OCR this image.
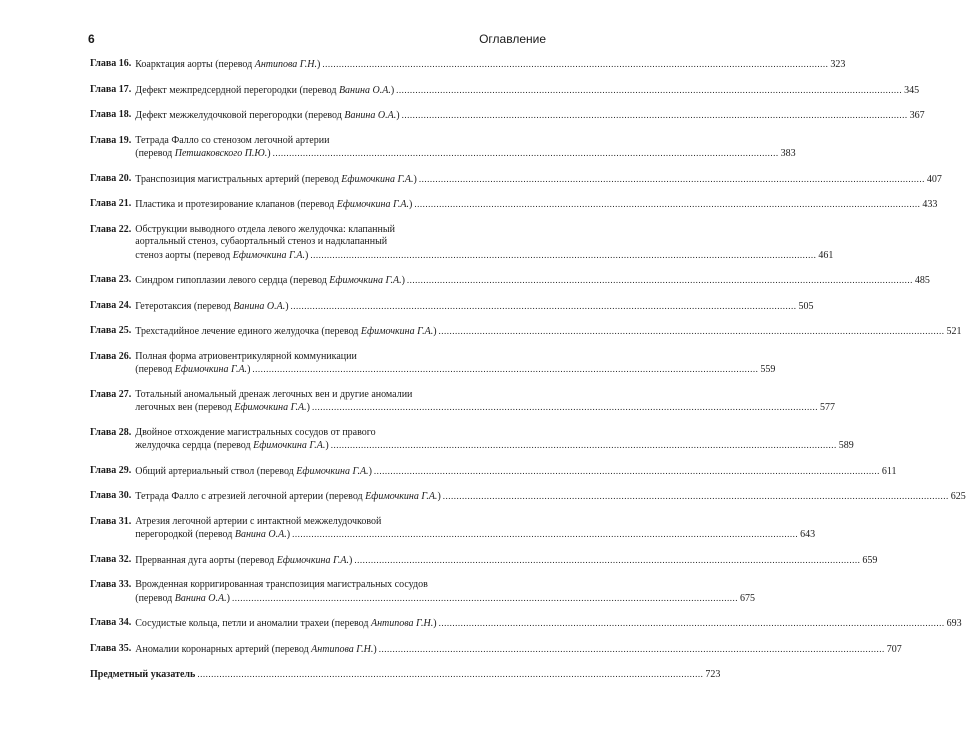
6	Оглавление
Глава 16. Коарктация аорты (перевод Антипова Г.Н.) .....	323
Глава 17. Дефект межпредсердной перегородки (перевод Ванина О.А.) .....	345
Глава 18. Дефект межжелудочковой перегородки (перевод Ванина О.А.) .....	367
Глава 19. Тетрада Фалло со стенозом легочной артерии
(перевод Петшаковского П.Ю.) .....	383
Глава 20. Транспозиция магистральных артерий (перевод Ефимочкина Г.А.) .....	407
Глава 21. Пластика и протезирование клапанов (перевод Ефимочкина Г.А.) .....	433
Глава 22. Обструкции выводного отдела левого желудочка: клапанный
аортальный стеноз, субаортальный стеноз и надклапанный
стеноз аорты (перевод Ефимочкина Г.А.) .....	461
Глава 23. Синдром гипоплазии левого сердца (перевод Ефимочкина Г.А.) .....	485
Глава 24. Гетеротаксия (перевод Ванина О.А.) .....	505
Глава 25. Трехстадийное лечение единого желудочка (перевод Ефимочкина Г.А.) .....	521
Глава 26. Полная форма атриовентрикулярной коммуникации
(перевод Ефимочкина Г.А.) .....	559
Глава 27. Тотальный аномальный дренаж легочных вен и другие аномалии
легочных вен (перевод Ефимочкина Г.А.) .....	577
Глава 28. Двойное отхождение магистральных сосудов от правого
желудочка сердца (перевод Ефимочкина Г.А.) .....	589
Глава 29. Общий артериальный ствол (перевод Ефимочкина Г.А.) .....	611
Глава 30. Тетрада Фалло с атрезией легочной артерии (перевод Ефимочкина Г.А.) .....	625
Глава 31. Атрезия легочной артерии с интактной межжелудочковой
перегородкой (перевод Ванина О.А.) .....	643
Глава 32. Прерванная дуга аорты (перевод Ефимочкина Г.А.) .....	659
Глава 33. Врожденная корригированная транспозиция магистральных сосудов
(перевод Ванина О.А.) .....	675
Глава 34. Сосудистые кольца, петли и аномалии трахеи (перевод Антипова Г.Н.) .....	693
Глава 35. Аномалии коронарных артерий (перевод Антипова Г.Н.) .....	707
Предметный указатель .....	723
